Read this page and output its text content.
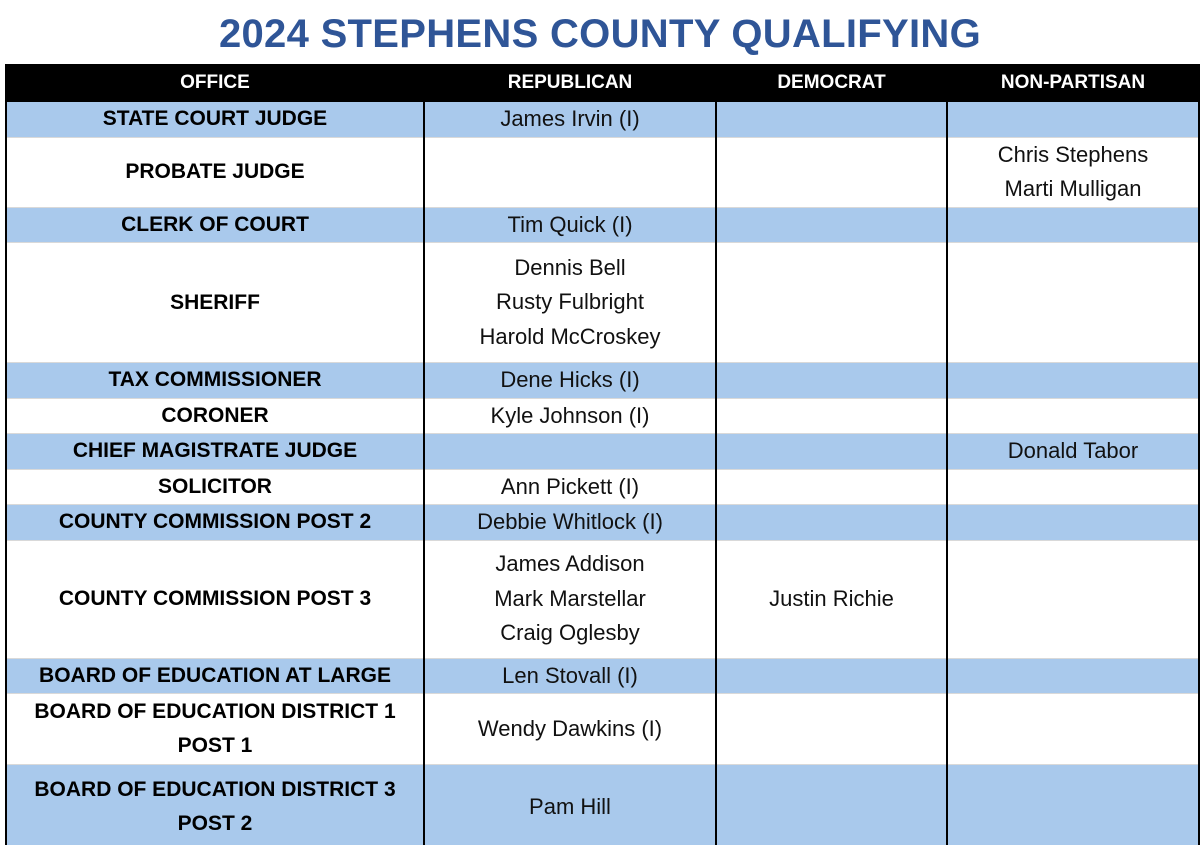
2024 STEPHENS COUNTY QUALIFYING
OFFICE	REPUBLICAN	DEMOCRAT	NON-PARTISAN
STATE COURT JUDGE	James Irvin (I)		

PROBATE JUDGE			Chris Stephens
Marti Mulligan

CLERK OF COURT	Tim Quick (I)		

SHERIFF	Dennis Bell
Rusty Fulbright
Harold McCroskey		

TAX COMMISSIONER	Dene Hicks (I)		

CORONER	Kyle Johnson (I)		

CHIEF MAGISTRATE JUDGE			Donald Tabor

SOLICITOR	Ann Pickett (I)		

COUNTY COMMISSION POST 2	Debbie Whitlock (I)		

COUNTY COMMISSION POST 3	James Addison
Mark Marstellar
Craig Oglesby	Justin Richie	

BOARD OF EDUCATION AT LARGE	Len Stovall (I)		

BOARD OF EDUCATION DISTRICT 1 POST 1	Wendy Dawkins (I)		

BOARD OF EDUCATION DISTRICT 3 POST 2	Pam Hill		
